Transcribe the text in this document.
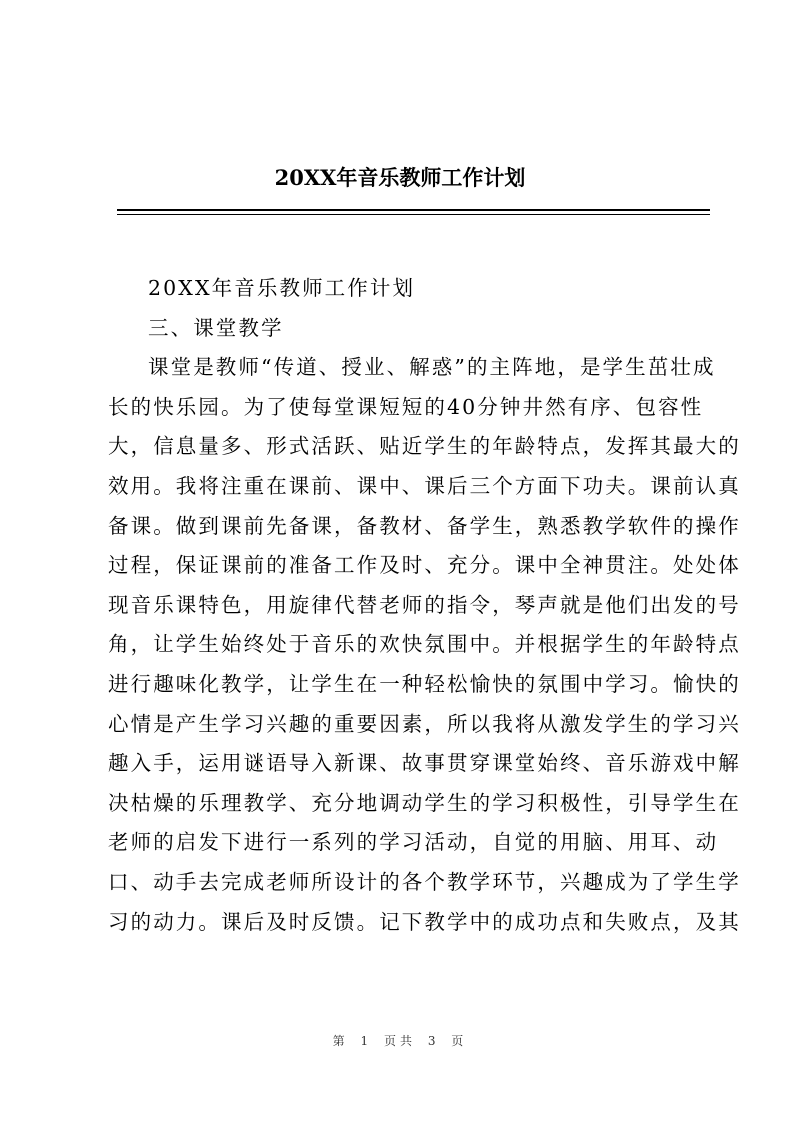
20XX年音乐教师工作计划
20XX年音乐教师工作计划
三、课堂教学
课堂是教师“传道、授业、解惑”的主阵地，是学生茁壮成
长的快乐园。为了使每堂课短短的40分钟井然有序、包容性
大，信息量多、形式活跃、贴近学生的年龄特点，发挥其最大的
效用。我将注重在课前、课中、课后三个方面下功夫。课前认真
备课。做到课前先备课，备教材、备学生，熟悉教学软件的操作
过程，保证课前的准备工作及时、充分。课中全神贯注。处处体
现音乐课特色，用旋律代替老师的指令，琴声就是他们出发的号
角，让学生始终处于音乐的欢快氛围中。并根据学生的年龄特点
进行趣味化教学，让学生在一种轻松愉快的氛围中学习。愉快的
心情是产生学习兴趣的重要因素，所以我将从激发学生的学习兴
趣入手，运用谜语导入新课、故事贯穿课堂始终、音乐游戏中解
决枯燥的乐理教学、充分地调动学生的学习积极性，引导学生在
老师的启发下进行一系列的学习活动，自觉的用脑、用耳、动
口、动手去完成老师所设计的各个教学环节，兴趣成为了学生学
习的动力。课后及时反馈。记下教学中的成功点和失败点，及其
第 1 页共 3 页
